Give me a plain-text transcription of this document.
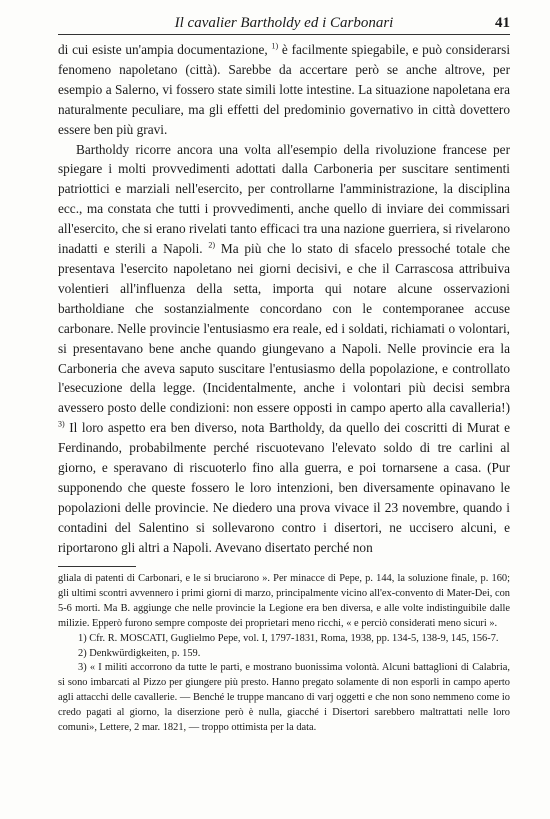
Il cavalier Bartholdy ed i Carbonari	41

di cui esiste un'ampia documentazione, $^{1)}$ è facilmente spiegabile, e può considerarsi fenomeno napoletano (città). Sarebbe da accertare però se anche altrove, per esempio a Salerno, vi fossero state simili lotte intestine. La situazione napoletana era naturalmente peculiare, ma gli effetti del predominio governativo in città dovettero essere ben più gravi.

Bartholdy ricorre ancora una volta all'esempio della rivoluzione francese per spiegare i molti provvedimenti adottati dalla Carboneria per suscitare sentimenti patriottici e marziali nell'esercito, per controllarne l'amministrazione, la disciplina ecc., ma constata che tutti i provvedimenti, anche quello di inviare dei commissari all'esercito, che si erano rivelati tanto efficaci tra una nazione guerriera, si rivelarono inadatti e sterili a Napoli. $^{2)}$ Ma più che lo stato di sfacelo pressoché totale che presentava l'esercito napoletano nei giorni decisivi, e che il Carrascosa attribuiva volentieri all'influenza della setta, importa qui notare alcune osservazioni bartholdiane che sostanzialmente concordano con le contemporanee accuse carbonare. Nelle provincie l'entusiasmo era reale, ed i soldati, richiamati o volontari, si presentavano bene anche quando giungevano a Napoli. Nelle provincie era la Carboneria che aveva saputo suscitare l'entusiasmo della popolazione, e controllato l'esecuzione della legge. (Incidentalmente, anche i volontari più decisi sembra avessero posto delle condizioni: non essere opposti in campo aperto alla cavalleria!) $^{3)}$ Il loro aspetto era ben diverso, nota Bartholdy, da quello dei coscritti di Murat e Ferdinando, probabilmente perché riscuotevano l'elevato soldo di tre carlini al giorno, e speravano di riscuoterlo fino alla guerra, e poi tornarsene a casa. (Pur supponendo che queste fossero le loro intenzioni, ben diversamente opinavano le popolazioni delle provincie. Ne diedero una prova vivace il 23 novembre, quando i contadini del Salentino si sollevarono contro i disertori, ne uccisero alcuni, e riportarono gli altri a Napoli. Avevano disertato perché non

gliala di patenti di Carbonari, e le si bruciarono ». Per minacce di Pepe, p. 144, la soluzione finale, p. 160; gli ultimi scontri avvennero i primi giorni di marzo, principalmente vicino all'ex-convento di Mater-Dei, con 5-6 morti. Ma B. aggiunge che nelle provincie la Legione era ben diversa, e alle volte indistinguibile dalle milizie. Epperò furono sempre composte dei proprietari meno ricchi, « e perciò considerati meno sicuri ».

1) Cfr. R. MOSCATI, Guglielmo Pepe, vol. I, 1797-1831, Roma, 1938, pp. 134-5, 138-9, 145, 156-7.

2) Denkwürdigkeiten, p. 159.

3) « I militi accorrono da tutte le parti, e mostrano buonissima volontà. Alcuni battaglioni di Calabria, si sono imbarcati al Pizzo per giungere più presto. Hanno pregato solamente di non esporli in campo aperto agli attacchi delle cavallerie. — Benché le truppe mancano di varj oggetti e che non sono nemmeno come io credo pagati al giorno, la diserzione però è nulla, giacché i Disertori sarebbero maltrattati nelle loro comuni», Lettere, 2 mar. 1821, — troppo ottimista per la data.
